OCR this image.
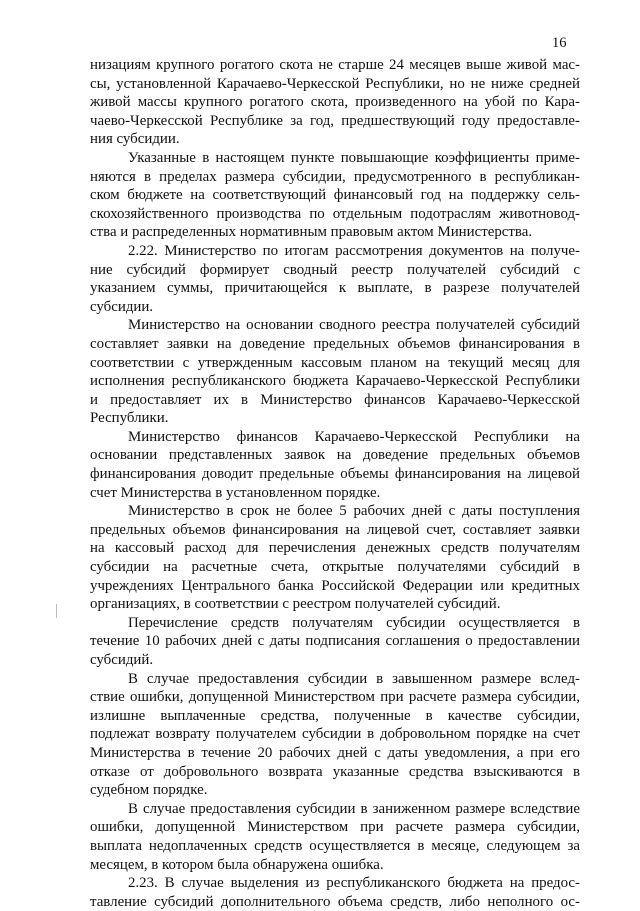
16
низациям крупного рогатого скота не старше 24 месяцев выше живой мас-
сы, установленной Карачаево-Черкесской Республики, но не ниже средней
живой массы крупного рогатого скота, произведенного на убой по Кара-
чаево-Черкесской Республике за год, предшествующий году предоставле-
ния субсидии.
Указанные в настоящем пункте повышающие коэффициенты приме-
няются в пределах размера субсидии, предусмотренного в республикан-
ском бюджете на соответствующий финансовый год на поддержку сель-
скохозяйственного производства по отдельным подотраслям животновод-
ства и распределенных нормативным правовым актом Министерства.
2.22. Министерство по итогам рассмотрения документов на получе-
ние субсидий формирует сводный реестр получателей субсидий с
указанием суммы, причитающейся к выплате, в разрезе получателей
субсидии.
Министерство на основании сводного реестра получателей субсидий
составляет заявки на доведение предельных объемов финансирования в
соответствии с утвержденным кассовым планом на текущий месяц для
исполнения республиканского бюджета Карачаево-Черкесской Республики
и предоставляет их в Министерство финансов Карачаево-Черкесской
Республики.
Министерство финансов Карачаево-Черкесской Республики на
основании представленных заявок на доведение предельных объемов
финансирования доводит предельные объемы финансирования на лицевой
счет Министерства в установленном порядке.
Министерство в срок не более 5 рабочих дней с даты поступления
предельных объемов финансирования на лицевой счет, составляет заявки
на кассовый расход для перечисления денежных средств получателям
субсидии на расчетные счета, открытые получателями субсидий в
учреждениях Центрального банка Российской Федерации или кредитных
организациях, в соответствии с реестром получателей субсидий.
Перечисление средств получателям субсидии осуществляется в
течение 10 рабочих дней с даты подписания соглашения о предоставлении
субсидий.
В случае предоставления субсидии в завышенном размере вслед-
ствие ошибки, допущенной Министерством при расчете размера субсидии,
излишне выплаченные средства, полученные в качестве субсидии,
подлежат возврату получателем субсидии в добровольном порядке на счет
Министерства в течение 20 рабочих дней с даты уведомления, а при его
отказе от добровольного возврата указанные средства взыскиваются в
судебном порядке.
В случае предоставления субсидии в заниженном размере вследствие
ошибки, допущенной Министерством при расчете размера субсидии,
выплата недоплаченных средств осуществляется в месяце, следующем за
месяцем, в котором была обнаружена ошибка.
2.23. В случае выделения из республиканского бюджета на предос-
тавление субсидий дополнительного объема средств, либо неполного ос-
